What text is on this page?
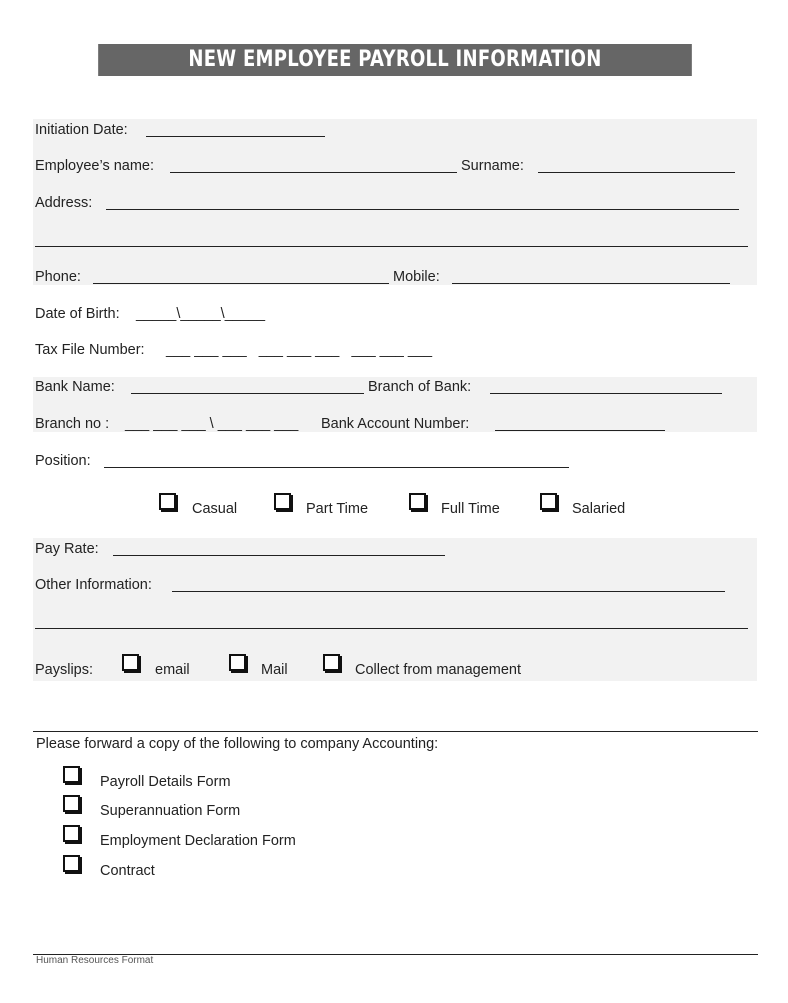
NEW EMPLOYEE PAYROLL INFORMATION
Initiation Date:
Employee’s name:	Surname:
Address:
Phone:	Mobile:
Date of Birth: _____\_____\_____
Tax File Number: ___ ___ ___   ___ ___ ___   ___ ___ ___
Bank Name:	Branch of Bank:
Branch no : ___ ___ ___ \ ___ ___ ___ Bank Account Number:
Position:
Casual	Part Time	Full Time	Salaried
Pay Rate:
Other Information:
Payslips:	email	Mail	Collect from management
Please forward a copy of the following to company Accounting:
Payroll Details Form
Superannuation Form
Employment Declaration Form
Contract
Human Resources Format
